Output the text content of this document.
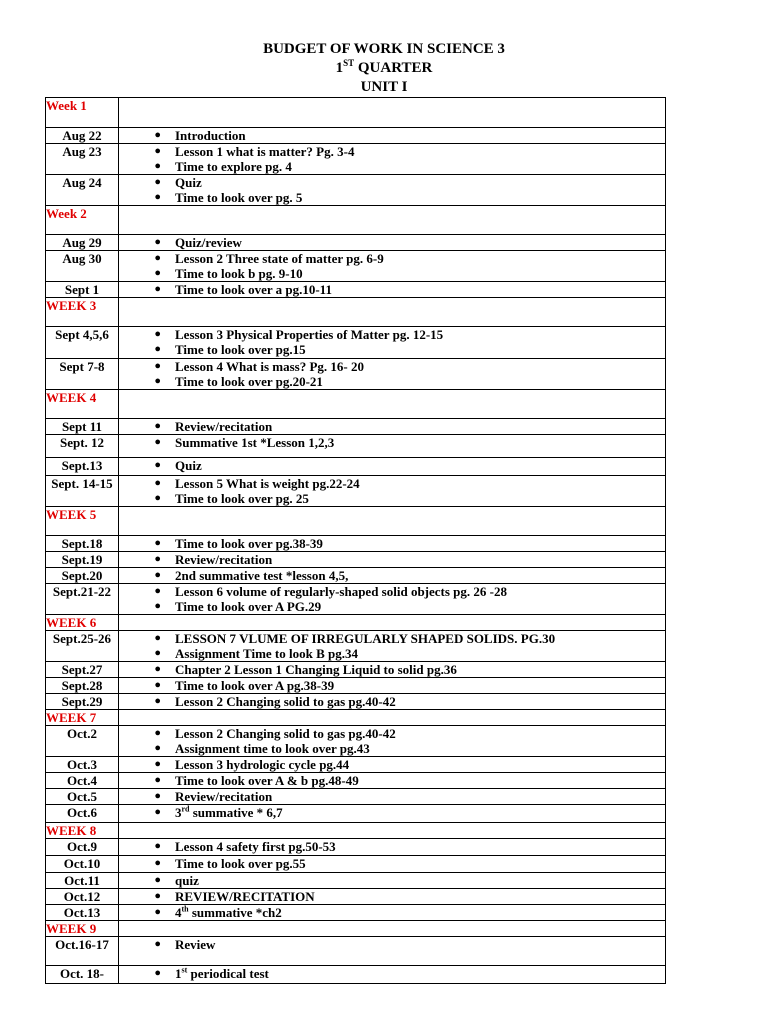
BUDGET OF WORK IN SCIENCE 3
1ST QUARTER
UNIT I
Week 1	
Aug 22	● Introduction

Aug 23	● Lesson 1 what is matter? Pg. 3-4
● Time to explore pg. 4

Aug 24	● Quiz
● Time to look over pg. 5

Week 2	
Aug 29	● Quiz/review

Aug 30	● Lesson 2 Three state of matter pg. 6-9
● Time to look b pg. 9-10

Sept 1	● Time to look over a pg.10-11

WEEK 3	
Sept 4,5,6	● Lesson 3 Physical Properties of Matter pg. 12-15
● Time to look over pg.15

Sept 7-8	● Lesson 4 What is mass? Pg. 16- 20
● Time to look over pg.20-21

WEEK 4	
Sept 11	● Review/recitation

Sept. 12	● Summative 1st *Lesson 1,2,3

Sept.13	● Quiz

Sept. 14-15	● Lesson 5 What is weight pg.22-24
● Time to look over pg. 25

WEEK 5	
Sept.18	● Time to look over pg.38-39

Sept.19	● Review/recitation

Sept.20	● 2nd summative test *lesson 4,5,

Sept.21-22	● Lesson 6 volume of regularly-shaped solid objects pg. 26 -28
● Time to look over A PG.29

WEEK 6	
Sept.25-26	● LESSON 7 VLUME OF IRREGULARLY SHAPED SOLIDS. PG.30
● Assignment Time to look B pg.34

Sept.27	● Chapter 2 Lesson 1 Changing Liquid to solid pg.36

Sept.28	● Time to look over A pg.38-39

Sept.29	● Lesson 2 Changing solid to gas pg.40-42

WEEK 7	
Oct.2	● Lesson 2 Changing solid to gas pg.40-42
● Assignment time to look over pg.43

Oct.3	● Lesson 3 hydrologic cycle pg.44

Oct.4	● Time to look over A & b pg.48-49

Oct.5	● Review/recitation

Oct.6	● 3rd summative * 6,7

WEEK 8	
Oct.9	● Lesson 4 safety first pg.50-53

Oct.10	● Time to look over pg.55

Oct.11	● quiz

Oct.12	● REVIEW/RECITATION

Oct.13	● 4th summative *ch2

WEEK 9	
Oct.16-17	● Review

Oct. 18-	● 1st periodical test
